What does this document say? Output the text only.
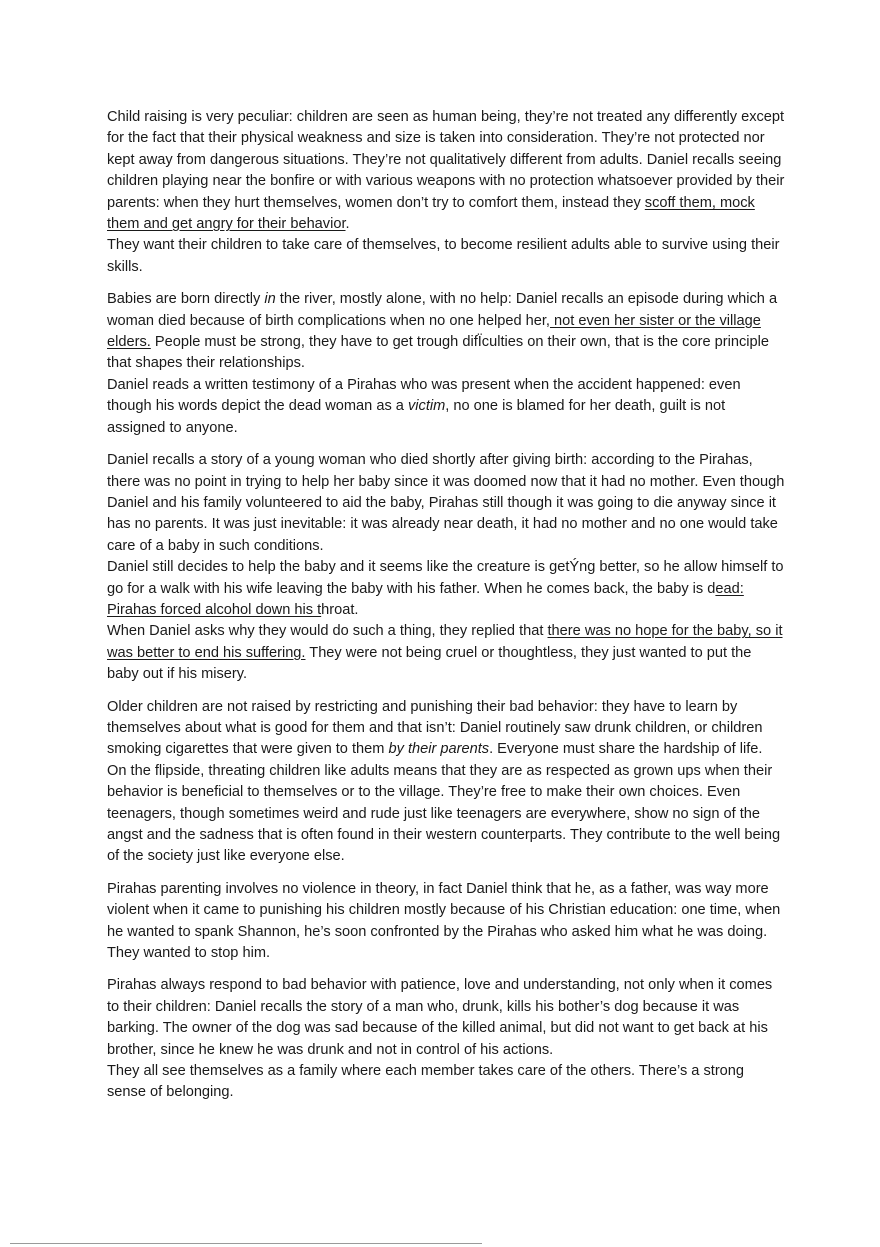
Child raising is very peculiar: children are seen as human being, they’re not treated any differently except for the fact that their physical weakness and size is taken into consideration. They’re not protected nor kept away from dangerous situations. They’re not qualitatively different from adults. Daniel recalls seeing children playing near the bonfire or with various weapons with no protection whatsoever provided by their parents: when they hurt themselves, women don’t try to comfort them, instead they scoff them, mock them and get angry for their behavior.
They want their children to take care of themselves, to become resilient adults able to survive using their skills.

Babies are born directly in the river, mostly alone, with no help: Daniel recalls an episode during which a woman died because of birth complications when no one helped her, not even her sister or the village elders. People must be strong, they have to get trough difÏculties on their own, that is the core principle that shapes their relationships.
Daniel reads a written testimony of a Pirahas who was present when the accident happened: even though his words depict the dead woman as a victim, no one is blamed for her death, guilt is not assigned to anyone.

Daniel recalls a story of a young woman who died shortly after giving birth: according to the Pirahas, there was no point in trying to help her baby since it was doomed now that it had no mother. Even though Daniel and his family volunteered to aid the baby, Pirahas still though it was going to die anyway since it has no parents. It was just inevitable: it was already near death, it had no mother and no one would take care of a baby in such conditions.
Daniel still decides to help the baby and it seems like the creature is getÝng better, so he allow himself to go for a walk with his wife leaving the baby with his father. When he comes back, the baby is dead: Pirahas forced alcohol down his throat.
When Daniel asks why they would do such a thing, they replied that there was no hope for the baby, so it was better to end his suffering. They were not being cruel or thoughtless, they just wanted to put the baby out if his misery.

Older children are not raised by restricting and punishing their bad behavior: they have to learn by themselves about what is good for them and that isn’t: Daniel routinely saw drunk children, or children smoking cigarettes that were given to them by their parents. Everyone must share the hardship of life.
On the flipside, threating children like adults means that they are as respected as grown ups when their behavior is beneficial to themselves or to the village. They’re free to make their own choices. Even teenagers, though sometimes weird and rude just like teenagers are everywhere, show no sign of the angst and the sadness that is often found in their western counterparts. They contribute to the well being of the society just like everyone else.

Pirahas parenting involves no violence in theory, in fact Daniel think that he, as a father, was way more violent when it came to punishing his children mostly because of his Christian education: one time, when he wanted to spank Shannon, he’s soon confronted by the Pirahas who asked him what he was doing. They wanted to stop him.

Pirahas always respond to bad behavior with patience, love and understanding, not only when it comes to their children: Daniel recalls the story of a man who, drunk, kills his bother’s dog because it was barking. The owner of the dog was sad because of the killed animal, but did not want to get back at his brother, since he knew he was drunk and not in control of his actions.
They all see themselves as a family where each member takes care of the others. There’s a strong sense of belonging.
